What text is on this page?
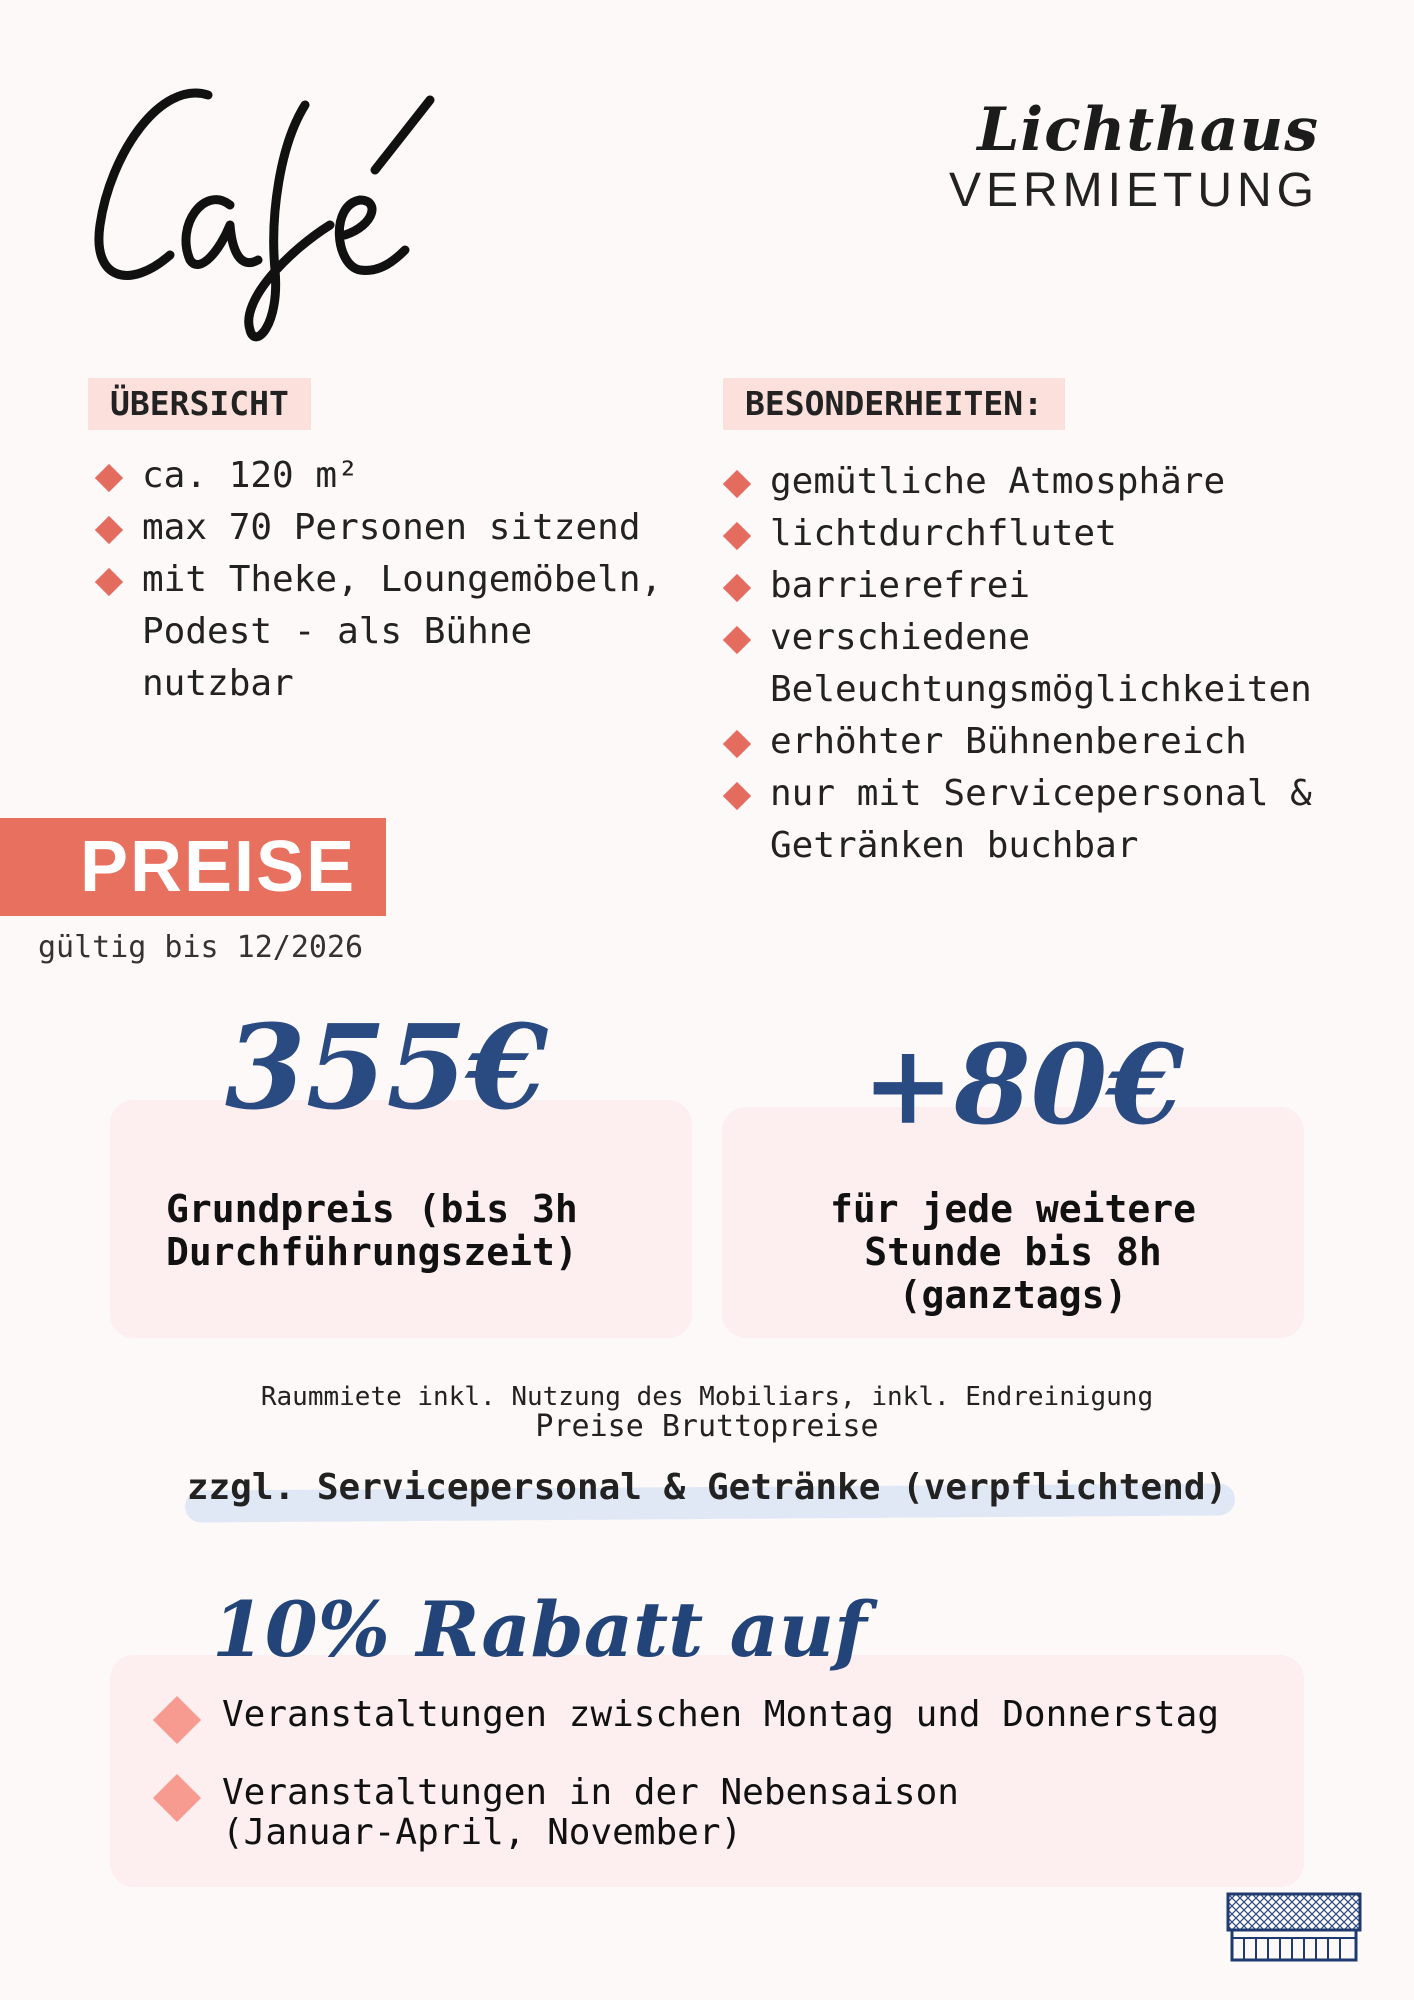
Lichthaus
VERMIETUNG
ÜBERSICHT
ca. 120 m²
max 70 Personen sitzend
mit Theke, Loungemöbeln,
Podest - als Bühne
nutzbar
BESONDERHEITEN:
gemütliche Atmosphäre
lichtdurchflutet
barrierefrei
verschiedene
Beleuchtungsmöglichkeiten
erhöhter Bühnenbereich
nur mit Servicepersonal &
Getränken buchbar
PREISE
gültig bis 12/2026
355€
Grundpreis (bis 3h
Durchführungszeit)
+80€
für jede weitere
Stunde bis 8h
(ganztags)
Raummiete inkl. Nutzung des Mobiliars, inkl. Endreinigung
Preise Bruttopreise
zzgl. Servicepersonal & Getränke (verpflichtend)
10% Rabatt auf
Veranstaltungen zwischen Montag und Donnerstag
Veranstaltungen in der Nebensaison
(Januar-April, November)
